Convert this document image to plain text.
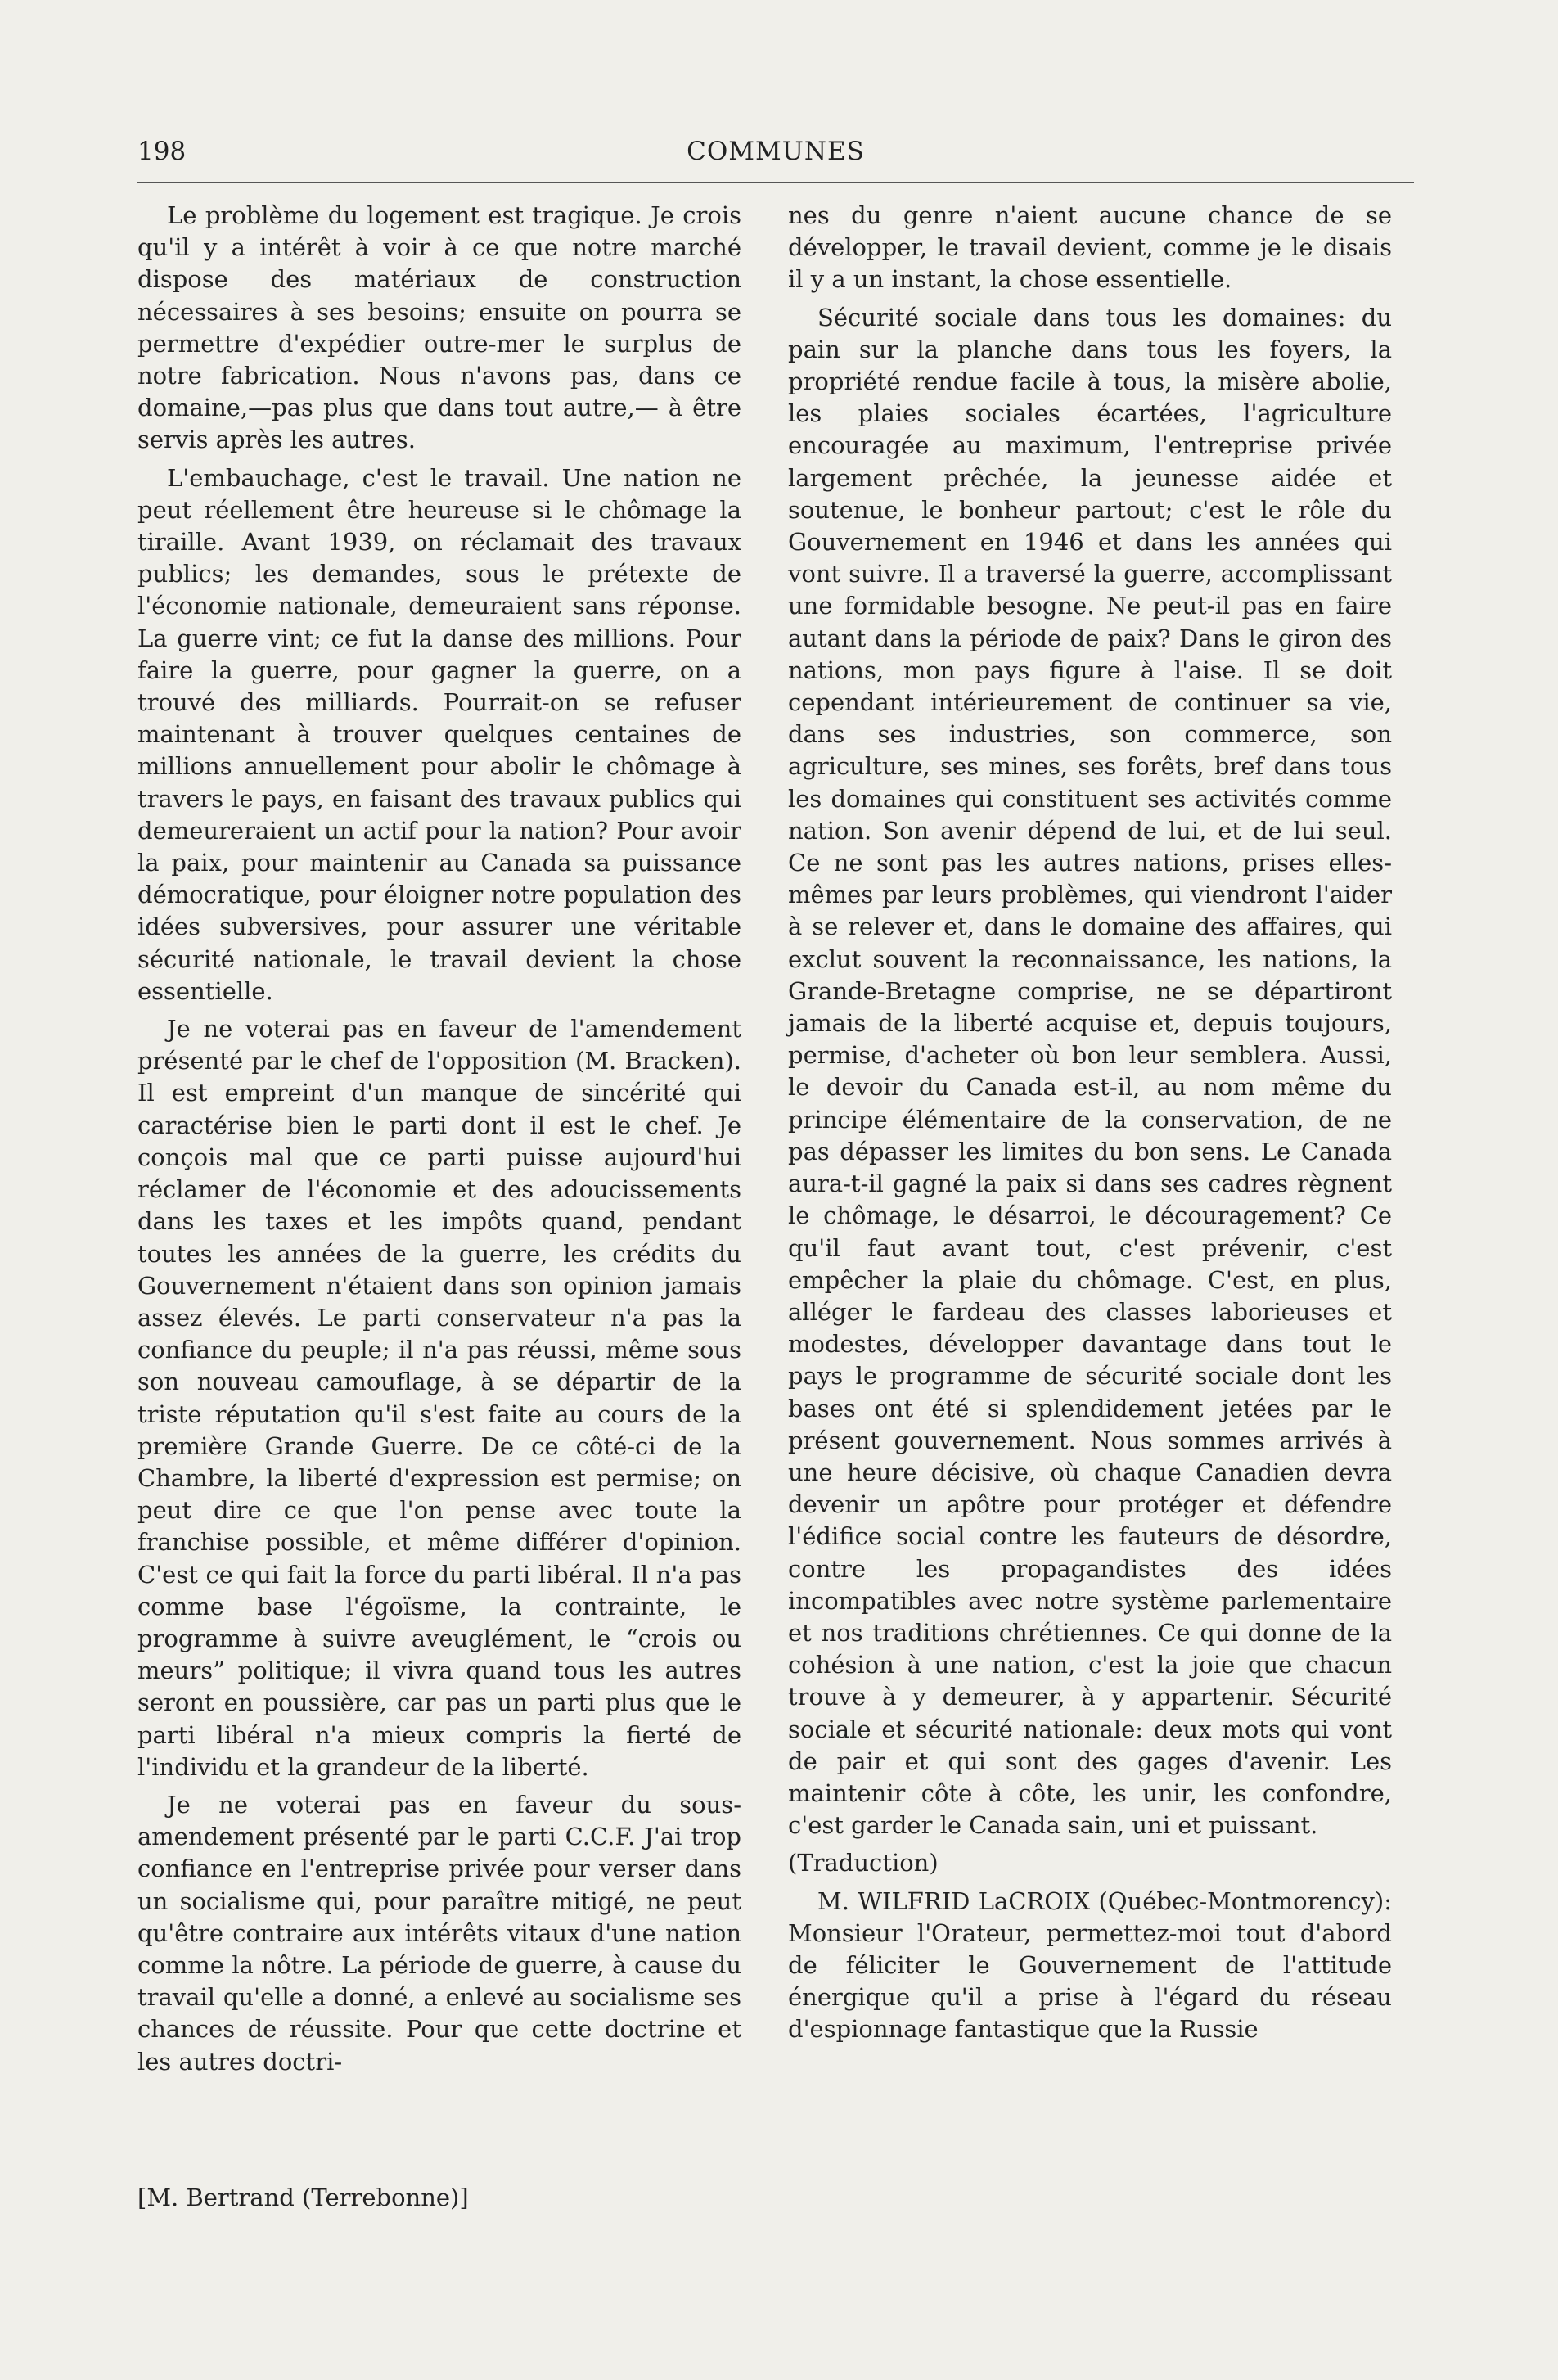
198	COMMUNES

Le problème du logement est tragique. Je crois qu'il y a intérêt à voir à ce que notre marché dispose des matériaux de construction nécessaires à ses besoins; ensuite on pourra se permettre d'expédier outre-mer le surplus de notre fabrication. Nous n'avons pas, dans ce domaine,—pas plus que dans tout autre,— à être servis après les autres.

L'embauchage, c'est le travail. Une nation ne peut réellement être heureuse si le chômage la tiraille. Avant 1939, on réclamait des travaux publics; les demandes, sous le prétexte de l'économie nationale, demeuraient sans réponse. La guerre vint; ce fut la danse des millions. Pour faire la guerre, pour gagner la guerre, on a trouvé des milliards. Pourrait-on se refuser maintenant à trouver quelques centaines de millions annuellement pour abolir le chômage à travers le pays, en faisant des travaux publics qui demeureraient un actif pour la nation? Pour avoir la paix, pour maintenir au Canada sa puissance démocratique, pour éloigner notre population des idées subversives, pour assurer une véritable sécurité nationale, le travail devient la chose essentielle.

Je ne voterai pas en faveur de l'amendement présenté par le chef de l'opposition (M. Bracken). Il est empreint d'un manque de sincérité qui caractérise bien le parti dont il est le chef. Je conçois mal que ce parti puisse aujourd'hui réclamer de l'économie et des adoucissements dans les taxes et les impôts quand, pendant toutes les années de la guerre, les crédits du Gouvernement n'étaient dans son opinion jamais assez élevés. Le parti conservateur n'a pas la confiance du peuple; il n'a pas réussi, même sous son nouveau camouflage, à se départir de la triste réputation qu'il s'est faite au cours de la première Grande Guerre. De ce côté-ci de la Chambre, la liberté d'expression est permise; on peut dire ce que l'on pense avec toute la franchise possible, et même différer d'opinion. C'est ce qui fait la force du parti libéral. Il n'a pas comme base l'égoïsme, la contrainte, le programme à suivre aveuglément, le “crois ou meurs” politique; il vivra quand tous les autres seront en poussière, car pas un parti plus que le parti libéral n'a mieux compris la fierté de l'individu et la grandeur de la liberté.

Je ne voterai pas en faveur du sous-amendement présenté par le parti C.C.F. J'ai trop confiance en l'entreprise privée pour verser dans un socialisme qui, pour paraître mitigé, ne peut qu'être contraire aux intérêts vitaux d'une nation comme la nôtre. La période de guerre, à cause du travail qu'elle a donné, a enlevé au socialisme ses chances de réussite. Pour que cette doctrine et les autres doctri-

[M. Bertrand (Terrebonne)]

nes du genre n'aient aucune chance de se développer, le travail devient, comme je le disais il y a un instant, la chose essentielle.

Sécurité sociale dans tous les domaines: du pain sur la planche dans tous les foyers, la propriété rendue facile à tous, la misère abolie, les plaies sociales écartées, l'agriculture encouragée au maximum, l'entreprise privée largement prêchée, la jeunesse aidée et soutenue, le bonheur partout; c'est le rôle du Gouvernement en 1946 et dans les années qui vont suivre. Il a traversé la guerre, accomplissant une formidable besogne. Ne peut-il pas en faire autant dans la période de paix? Dans le giron des nations, mon pays figure à l'aise. Il se doit cependant intérieurement de continuer sa vie, dans ses industries, son commerce, son agriculture, ses mines, ses forêts, bref dans tous les domaines qui constituent ses activités comme nation. Son avenir dépend de lui, et de lui seul. Ce ne sont pas les autres nations, prises elles-mêmes par leurs problèmes, qui viendront l'aider à se relever et, dans le domaine des affaires, qui exclut souvent la reconnaissance, les nations, la Grande-Bretagne comprise, ne se départiront jamais de la liberté acquise et, depuis toujours, permise, d'acheter où bon leur semblera. Aussi, le devoir du Canada est-il, au nom même du principe élémentaire de la conservation, de ne pas dépasser les limites du bon sens. Le Canada aura-t-il gagné la paix si dans ses cadres règnent le chômage, le désarroi, le découragement? Ce qu'il faut avant tout, c'est prévenir, c'est empêcher la plaie du chômage. C'est, en plus, alléger le fardeau des classes laborieuses et modestes, développer davantage dans tout le pays le programme de sécurité sociale dont les bases ont été si splendidement jetées par le présent gouvernement. Nous sommes arrivés à une heure décisive, où chaque Canadien devra devenir un apôtre pour protéger et défendre l'édifice social contre les fauteurs de désordre, contre les propagandistes des idées incompatibles avec notre système parlementaire et nos traditions chrétiennes. Ce qui donne de la cohésion à une nation, c'est la joie que chacun trouve à y demeurer, à y appartenir. Sécurité sociale et sécurité nationale: deux mots qui vont de pair et qui sont des gages d'avenir. Les maintenir côte à côte, les unir, les confondre, c'est garder le Canada sain, uni et puissant.

(Traduction)

M. WILFRID LaCROIX (Québec-Montmorency): Monsieur l'Orateur, permettez-moi tout d'abord de féliciter le Gouvernement de l'attitude énergique qu'il a prise à l'égard du réseau d'espionnage fantastique que la Russie
